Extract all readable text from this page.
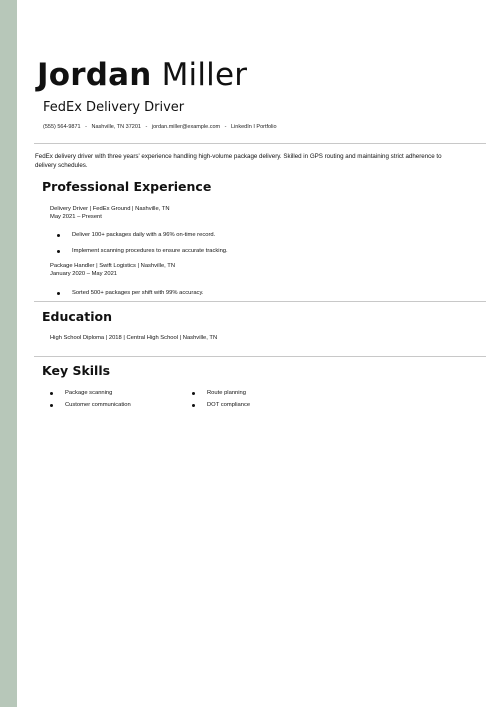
Jordan Miller
FedEx Delivery Driver
(555) 564-9871 - Nashville, TN 37201 - jordan.miller@example.com - LinkedIn I Portfolio
FedEx delivery driver with three years' experience handling high-volume package delivery. Skilled in GPS routing and maintaining strict adherence to delivery schedules.
Professional Experience
Delivery Driver | FedEx Ground | Nashville, TN
May 2021 – Present
Deliver 100+ packages daily with a 96% on-time record.
Implement scanning procedures to ensure accurate tracking.
Package Handler | Swift Logistics | Nashville, TN
January 2020 – May 2021
Sorted 500+ packages per shift with 99% accuracy.
Education
High School Diploma | 2018 | Central High School | Nashville, TN
Key Skills
Package scanning
Customer communication
Route planning
DOT compliance
